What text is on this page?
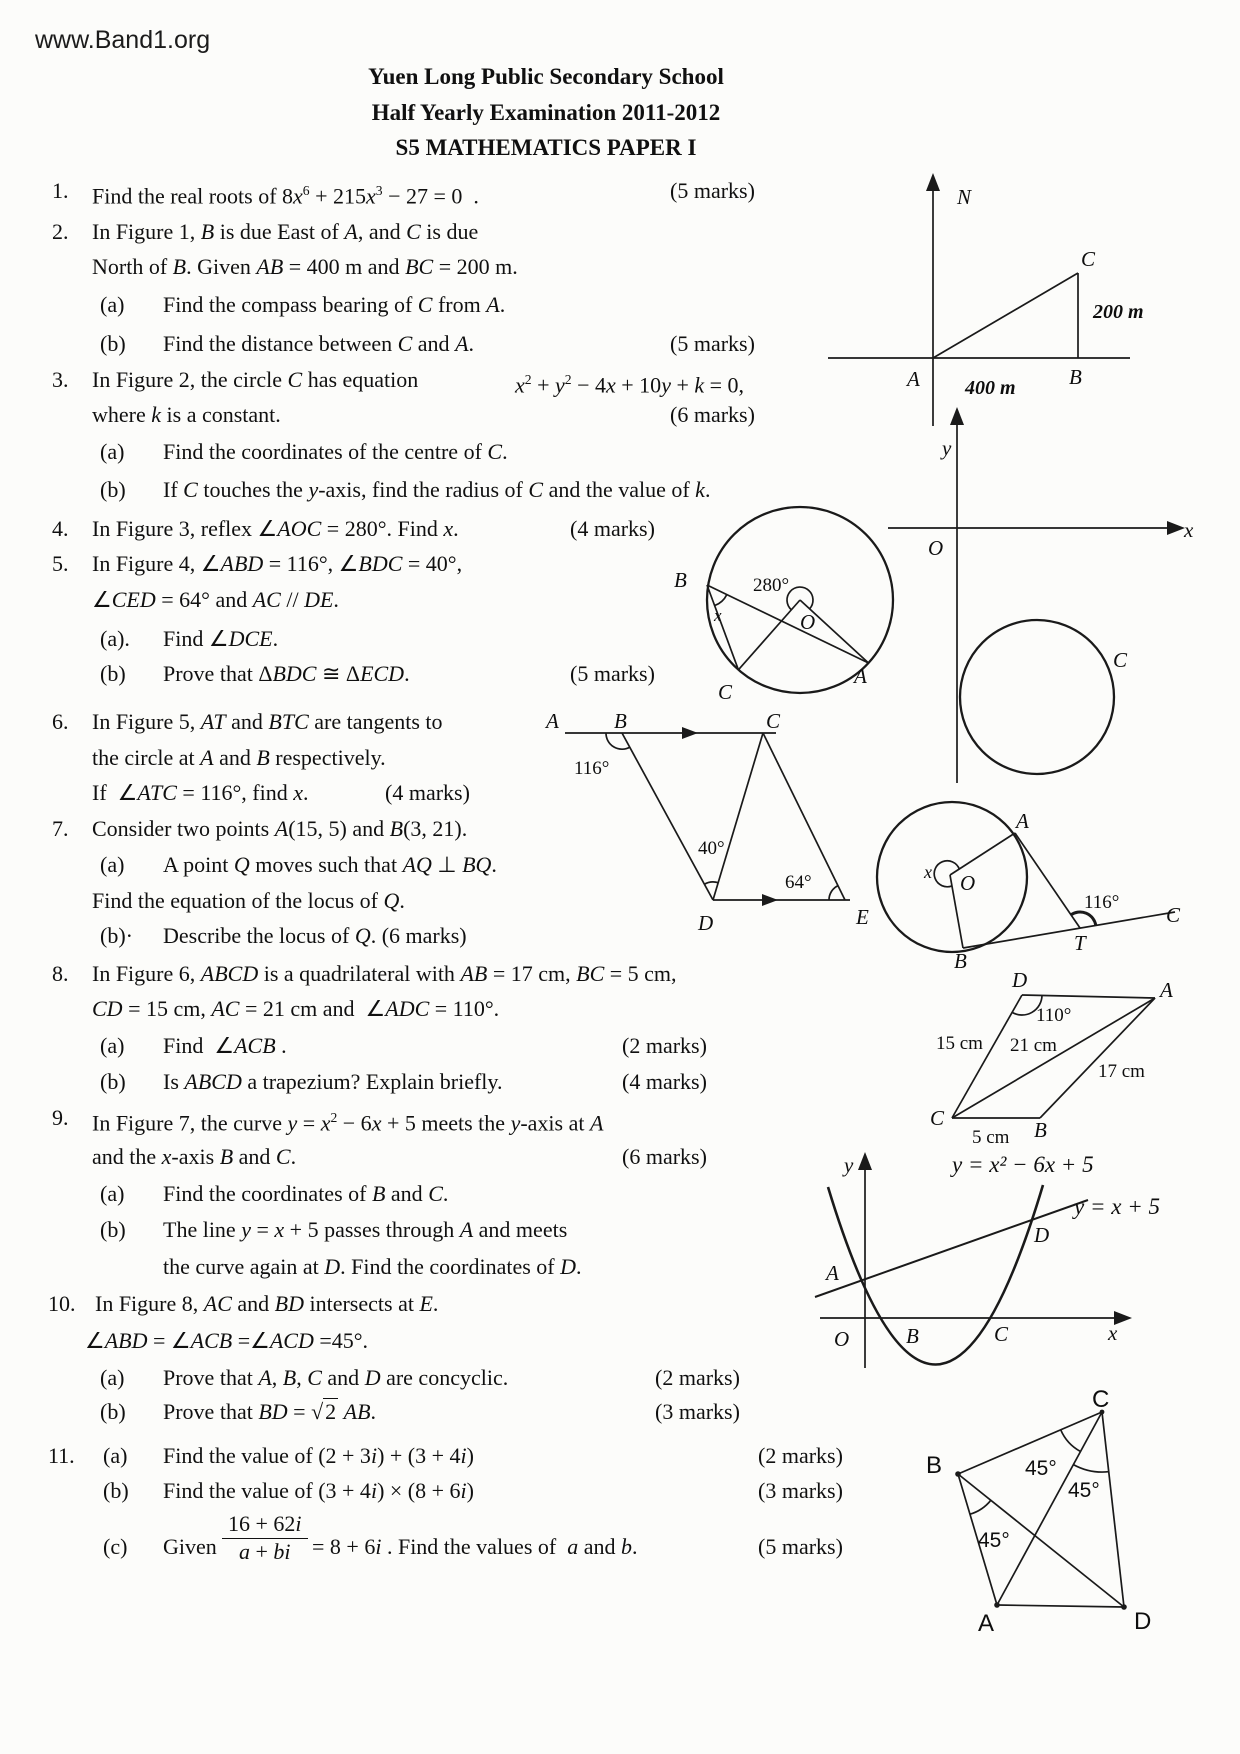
www.Band1.org
Yuen Long Public Secondary School
Half Yearly Examination 2011-2012
S5 MATHEMATICS PAPER I
1. Find the real roots of $8x^6 + 215x^3 - 27 = 0$ .	(5 marks)
2. In Figure 1, B is due East of A, and C is due
North of B. Given AB = 400 m and BC = 200 m.
(a) Find the compass bearing of C from A.
(b) Find the distance between C and A.	(5 marks)
3. In Figure 2, the circle C has equation	$x^2 + y^2 - 4x + 10y + k = 0$,
where k is a constant.	(6 marks)
(a) Find the coordinates of the centre of C.
(b) If C touches the y-axis, find the radius of C and the value of k.
4. In Figure 3, reflex ∠AOC = 280°. Find x.	(4 marks)
5. In Figure 4, ∠ABD = 116°, ∠BDC = 40°,
∠CED = 64° and AC // DE.
(a). Find ∠DCE.
(b) Prove that ΔBDC ≅ ΔECD.	(5 marks)
6. In Figure 5, AT and BTC are tangents to
the circle at A and B respectively.
If ∠ATC = 116°, find x.	(4 marks)
7. Consider two points A(15, 5) and B(3, 21).
(a) A point Q moves such that AQ ⊥ BQ.
Find the equation of the locus of Q.
(b)· Describe the locus of Q. (6 marks)
8. In Figure 6, ABCD is a quadrilateral with AB = 17 cm, BC = 5 cm,
CD = 15 cm, AC = 21 cm and ∠ADC = 110°.
(a) Find ∠ACB .	(2 marks)
(b) Is ABCD a trapezium? Explain briefly.	(4 marks)
9. In Figure 7, the curve $y = x^2 - 6x + 5$ meets the y-axis at A
and the x-axis B and C.	(6 marks)
(a) Find the coordinates of B and C.
(b) The line y = x + 5 passes through A and meets
the curve again at D. Find the coordinates of D.
10. In Figure 8, AC and BD intersects at E.
∠ABD = ∠ACB =∠ACD =45°.
(a) Prove that A, B, C and D are concyclic.	(2 marks)
(b) Prove that BD = √2 AB.	(3 marks)
11. (a) Find the value of (2 + 3i) + (3 + 4i)	(2 marks)
(b) Find the value of (3 + 4i) × (8 + 6i)	(3 marks)
(c) Given $\frac{16 + 62i}{a + bi} = 8 + 6i$ . Find the values of a and b.	(5 marks)
N
A	B
C
400 m
200 m
y
O
x
C
280°
B
x	O
A
C
A	B	C
D	E
116°
40°
64°	x O
A
B
T
C
116°
D	A
C	B
110°
15 cm 21 cm
17 cm
5 cm
y = x² − 6x + 5
y = x + 5
y
O	x
A
B	C
D
C
B
A	D
45°
45°
45°
